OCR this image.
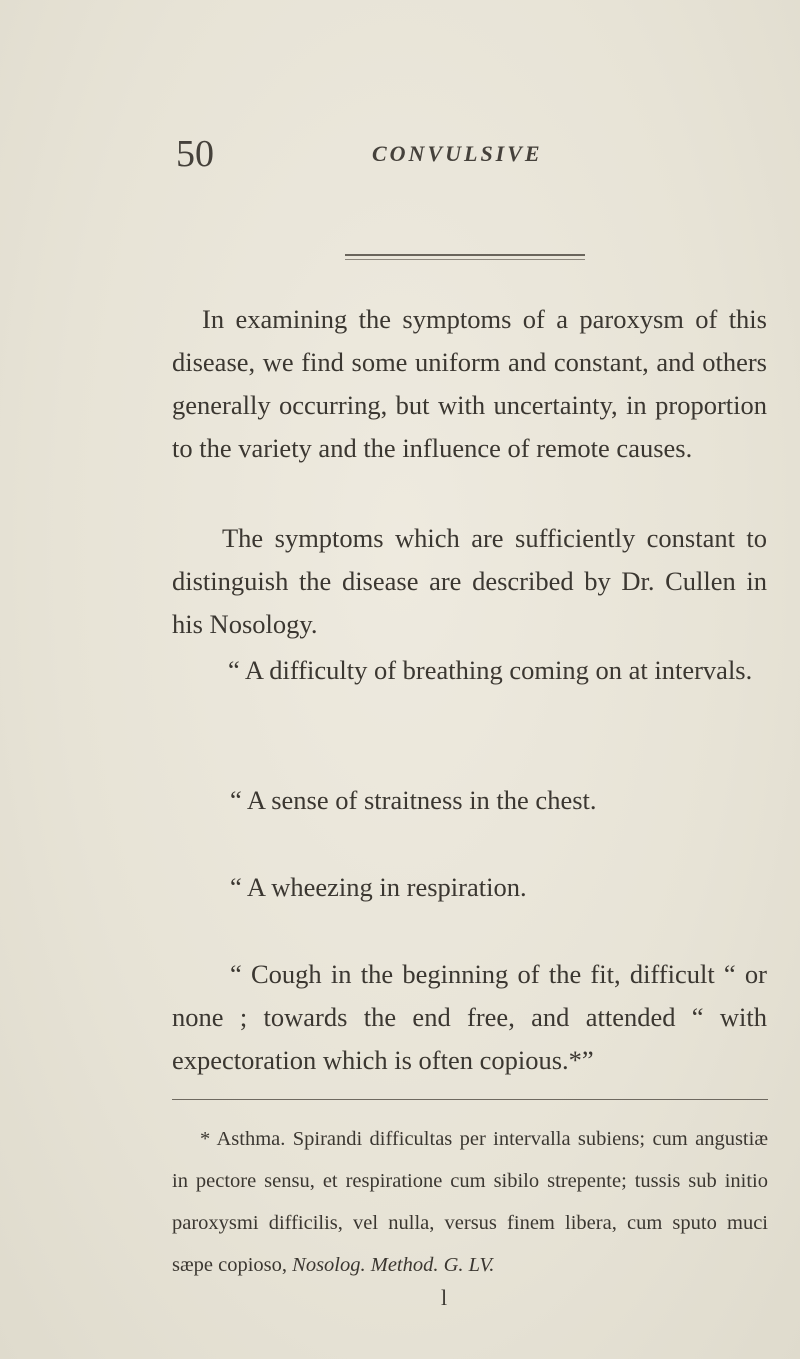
50	CONVULSIVE

In examining the symptoms of a paroxysm of this disease, we find some uniform and constant, and others generally occurring, but with uncertainty, in proportion to the variety and the influence of remote causes.

The symptoms which are sufficiently constant to distinguish the disease are described by Dr. Cullen in his Nosology.

“ A difficulty of breathing coming on at intervals.

“ A sense of straitness in the chest.

“ A wheezing in respiration.

“ Cough in the beginning of the fit, difficult “ or none ; towards the end free, and attended “ with expectoration which is often copious.*”

* Asthma. Spirandi difficultas per intervalla subiens; cum angustiæ in pectore sensu, et respiratione cum sibilo strepente; tussis sub initio paroxysmi difficilis, vel nulla, versus finem libera, cum sputo muci sæpe copioso, Nosolog. Method. G. LV.
l
